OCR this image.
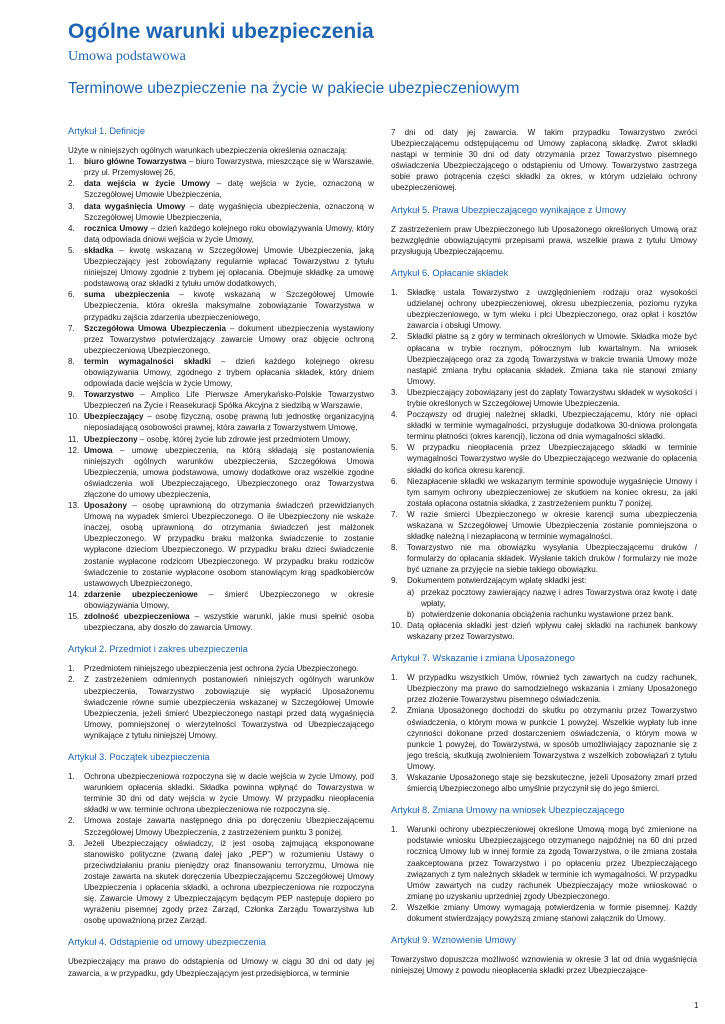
Ogólne warunki ubezpieczenia
Umowa podstawowa
Terminowe ubezpieczenie na życie w pakiecie ubezpieczeniowym
Artykuł 1. Definicje

Użyte w niniejszych ogólnych warunkach ubezpieczenia określenia oznaczają:

1. biuro główne Towarzystwa – biuro Towarzystwa, mieszczące się w Warszawie, przy ul. Przemysłowej 26,
2. data wejścia w życie Umowy – datę wejścia w życie, oznaczoną w Szczegółowej Umowie Ubezpieczenia,
3. data wygaśnięcia Umowy – datę wygaśnięcia ubezpieczenia, oznaczoną w Szczegółowej Umowie Ubezpieczenia,
4. rocznica Umowy – dzień każdego kolejnego roku obowiązywania Umowy, który datą odpowiada dniowi wejścia w życie Umowy,
5. składka – kwotę wskazaną w Szczegółowej Umowie Ubezpieczenia, jaką Ubezpieczający jest zobowiązany regularnie wpłacać Towarzystwu z tytułu niniejszej Umowy zgodnie z trybem jej opłacania. Obejmuje składkę za umowę podstawową oraz składki z tytułu umów dodatkowych,
6. suma ubezpieczenia – kwotę wskazaną w Szczegółowej Umowie Ubezpieczenia, która określa maksymalne zobowiązanie Towarzystwa w przypadku zajścia zdarzenia ubezpieczeniowego,
7. Szczegółowa Umowa Ubezpieczenia – dokument ubezpieczenia wystawiony przez Towarzystwo potwierdzający zawarcie Umowy oraz objęcie ochroną ubezpieczeniową Ubezpieczonego,
8. termin wymagalności składki – dzień każdego kolejnego okresu obowiązywania Umowy, zgodnego z trybem opłacania składek, który dniem odpowiada dacie wejścia w życie Umowy,
9. Towarzystwo – Amplico Life Pierwsze Amerykańsko-Polskie Towarzystwo Ubezpieczeń na Życie i Reasekuracji Spółka Akcyjna z siedzibą w Warszawie,
10. Ubezpieczający – osobę fizyczną, osobę prawną lub jednostkę organizacyjną nieposiadającą osobowości prawnej, która zawarła z Towarzystwem Umowę,
11. Ubezpieczony – osobę, której życie lub zdrowie jest przedmiotem Umowy,
12. Umowa – umowę ubezpieczenia, na którą składają się postanowienia niniejszych ogólnych warunków ubezpieczenia, Szczegółowa Umowa Ubezpieczenia, umowa podstawowa, umowy dodatkowe oraz wszelkie zgodne oświadczenia woli Ubezpieczającego, Ubezpieczonego oraz Towarzystwa złączone do umowy ubezpieczenia,
13. Uposażony – osobę uprawnioną do otrzymania świadczeń przewidzianych Umową na wypadek śmierci Ubezpieczonego. O ile Ubezpieczony nie wskaże inaczej, osobą uprawnioną do otrzymania świadczeń jest małżonek Ubezpieczonego. W przypadku braku małżonka świadczenie to zostanie wypłacone dzieciom Ubezpieczonego. W przypadku braku dzieci świadczenie zostanie wypłacone rodzicom Ubezpieczonego. W przypadku braku rodziców świadczenie to zostanie wypłacone osobom stanowiącym krąg spadkobierców ustawowych Ubezpieczonego,
14. zdarzenie ubezpieczeniowe – śmierć Ubezpieczonego w okresie obowiązywania Umowy,
15. zdolność ubezpieczeniowa – wszystkie warunki, jakie musi spełnić osoba ubezpieczana, aby doszło do zawarcia Umowy.
Artykuł 2. Przedmiot i zakres ubezpieczenia
1. Przedmiotem niniejszego ubezpieczenia jest ochrona życia Ubezpieczonego.
2. Z zastrzeżeniem odmiennych postanowień niniejszych ogólnych warunków ubezpieczenia, Towarzystwo zobowiązuje się wypłacić Uposażonemu świadczenie równe sumie ubezpieczenia wskazanej w Szczegółowej Umowie Ubezpieczenia, jeżeli śmierć Ubezpieczonego nastąpi przed datą wygaśnięcia Umowy, pomniejszonej o wierzytelności Towarzystwa od Ubezpieczającego wynikające z tytułu niniejszej Umowy.
Artykuł 3. Początek ubezpieczenia
1. Ochrona ubezpieczeniowa rozpoczyna się w dacie wejścia w życie Umowy, pod warunkiem opłacenia składki. Składka powinna wpłynąć do Towarzystwa w terminie 30 dni od daty wejścia w życie Umowy. W przypadku nieopłacenia składki w ww. terminie ochrona ubezpieczeniowa nie rozpoczyna się.
2. Umowa zostaje zawarta następnego dnia po doręczeniu Ubezpieczającemu Szczegółowej Umowy Ubezpieczenia, z zastrzeżeniem punktu 3 poniżej.
3. Jeżeli Ubezpieczający oświadczy, iż jest osobą zajmującą eksponowane stanowisko polityczne (zwaną dalej jako „PEP”) w rozumieniu Ustawy o przeciwdziałaniu praniu pieniędzy oraz finansowaniu terroryzmu, Umowa nie zostaje zawarta na skutek doręczenia Ubezpieczającemu Szczegółowej Umowy Ubezpieczenia i opłacenia składki, a ochrona ubezpieczeniowa nie rozpoczyna się. Zawarcie Umowy z Ubezpieczającym będącym PEP następuje dopiero po wyrażeniu pisemnej zgody przez Zarząd, Członka Zarządu Towarzystwa lub osobę upoważnioną przez Zarząd.
Artykuł 4. Odstąpienie od umowy ubezpieczenia

Ubezpieczający ma prawo do odstąpienia od Umowy w ciągu 30 dni od daty jej zawarcia, a w przypadku, gdy Ubezpieczającym jest przedsiębiorca, w terminie

7 dni od daty jej zawarcia. W takim przypadku Towarzystwo zwróci Ubezpieczającemu odstępującemu od Umowy zapłaconą składkę. Zwrot składki nastąpi w terminie 30 dni od daty otrzymania przez Towarzystwo pisemnego oświadczenia Ubezpieczającego o odstąpieniu od Umowy. Towarzystwo zastrzega sobie prawo potrącenia części składki za okres, w którym udzielało ochrony ubezpieczeniowej.

Artykuł 5. Prawa Ubezpieczającego wynikające z Umowy

Z zastrzeżeniem praw Ubezpieczonego lub Uposażonego określonych Umową oraz bezwzględnie obowiązującymi przepisami prawa, wszelkie prawa z tytułu Umowy przysługują Ubezpieczającemu.

Artykuł 6. Opłacanie składek
1. Składkę ustala Towarzystwo z uwzględnieniem rodzaju oraz wysokości udzielanej ochrony ubezpieczeniowej, okresu ubezpieczenia, poziomu ryzyka ubezpieczeniowego, w tym wieku i płci Ubezpieczonego, oraz opłat i kosztów zawarcia i obsługi Umowy.
2. Składki płatne są z góry w terminach określonych w Umowie. Składka może być opłacana w trybie rocznym, półrocznym lub kwartalnym. Na wniosek Ubezpieczającego oraz za zgodą Towarzystwa w trakcie trwania Umowy może nastąpić zmiana trybu opłacania składek. Zmiana taka nie stanowi zmiany Umowy.
3. Ubezpieczający zobowiązany jest do zapłaty Towarzystwu składek w wysokości i trybie określonych w Szczegółowej Umowie Ubezpieczenia.
4. Począwszy od drugiej należnej składki, Ubezpieczającemu, który nie opłaci składki w terminie wymagalności, przysługuje dodatkowa 30-dniowa prolongata terminu płatności (okres karencji), liczona od dnia wymagalności składki.
5. W przypadku nieopłacenia przez Ubezpieczającego składki w terminie wymagalności Towarzystwo wyśle do Ubezpieczającego wezwanie do opłacenia składki do końca okresu karencji.
6. Niezapłacenie składki we wskazanym terminie spowoduje wygaśnięcie Umowy i tym samym ochrony ubezpieczeniowej ze skutkiem na koniec okresu, za jaki została opłacona ostatnia składka, z zastrzeżeniem punktu 7 poniżej.
7. W razie śmierci Ubezpieczonego w okresie karencji suma ubezpieczenia wskazana w Szczegółowej Umowie Ubezpieczenia zostanie pomniejszona o składkę należną i niezapłaconą w terminie wymagalności.
8. Towarzystwo nie ma obowiązku wysyłania Ubezpieczającemu druków / formularzy do opłacania składek. Wysłanie takich druków / formularzy nie może być uznane za przyjęcie na siebie takiego obowiązku.
9. Dokumentem potwierdzającym wpłatę składki jest:
a) przekaz pocztowy zawierający nazwę i adres Towarzystwa oraz kwotę i datę wpłaty,
b) potwierdzenie dokonania obciążenia rachunku wystawione przez bank.
10. Datą opłacenia składki jest dzień wpływu całej składki na rachunek bankowy wskazany przez Towarzystwo.
Artykuł 7. Wskazanie i zmiana Uposażonego
1. W przypadku wszystkich Umów, również tych zawartych na cudzy rachunek, Ubezpieczony ma prawo do samodzielnego wskazania i zmiany Uposażonego przez złożenie Towarzystwu pisemnego oświadczenia.
2. Zmiana Uposażonego dochodzi do skutku po otrzymaniu przez Towarzystwo oświadczenia, o którym mowa w punkcie 1 powyżej. Wszelkie wypłaty lub inne czynności dokonane przed dostarczeniem oświadczenia, o którym mowa w punkcie 1 powyżej, do Towarzystwa, w sposób umożliwiający zapoznanie się z jego treścią, skutkują zwolnieniem Towarzystwa z wszelkich zobowiązań z tytułu Umowy.
3. Wskazanie Uposażonego staje się bezskuteczne, jeżeli Uposażony zmarł przed śmiercią Ubezpieczonego albo umyślnie przyczynił się do jego śmierci.
Artykuł 8. Zmiana Umowy na wniosek Ubezpieczającego
1. Warunki ochrony ubezpieczeniowej określone Umową mogą być zmienione na podstawie wniosku Ubezpieczającego otrzymanego najpóźniej na 60 dni przed rocznicą Umowy lub w innej formie za zgodą Towarzystwa, o ile zmiana została zaakceptowana przez Towarzystwo i po opłaceniu przez Ubezpieczającego związanych z tym należnych składek w terminie ich wymagalności. W przypadku Umów zawartych na cudzy rachunek Ubezpieczający może wnioskować o zmianę po uzyskaniu uprzedniej zgody Ubezpieczonego.
2. Wszelkie zmiany Umowy wymagają potwierdzenia w formie pisemnej. Każdy dokument stwierdzający powyższą zmianę stanowi załącznik do Umowy.
Artykuł 9. Wznowienie Umowy

Towarzystwo dopuszcza możliwość wznowienia w okresie 3 lat od dnia wygaśnięcia niniejszej Umowy z powodu nieopłacenia składki przez Ubezpieczające-

1
